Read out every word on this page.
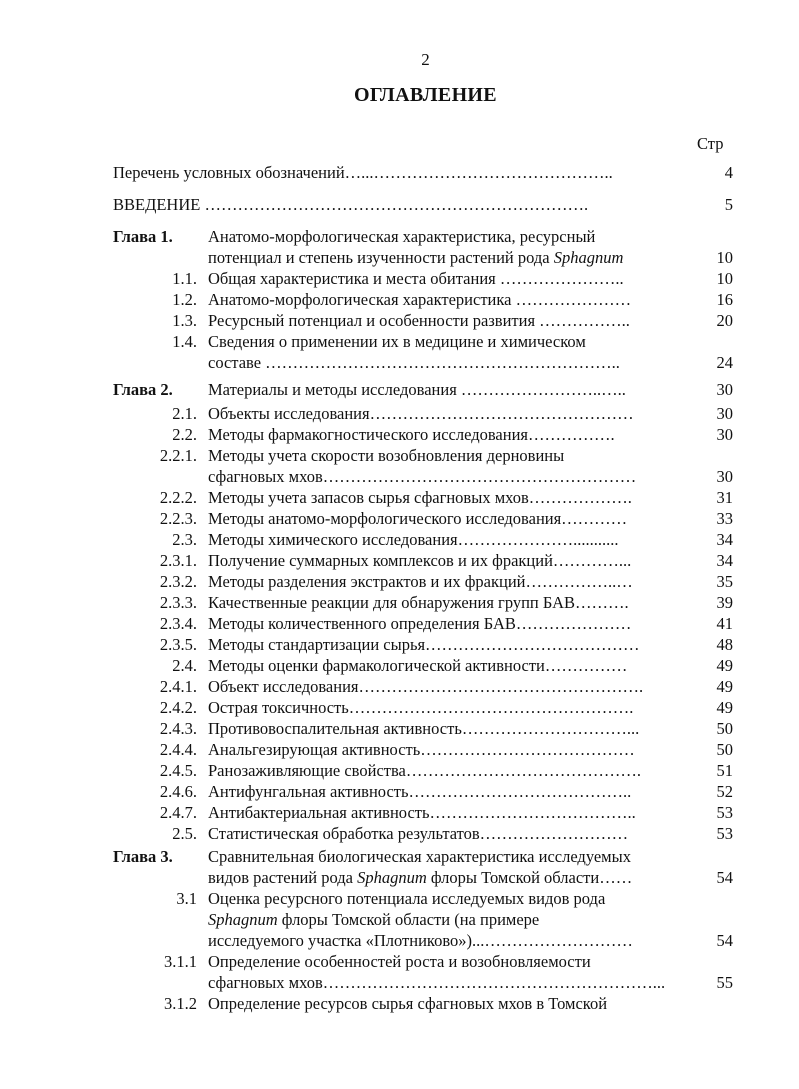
2
ОГЛАВЛЕНИЕ
Стр
Перечень условных обозначений…...……………………………………..	4
ВВЕДЕНИЕ …………………………………………………………….	5
Глава 1.	Анатомо-морфологическая характеристика, ресурсный
потенциал и степень изученности растений рода Sphagnum	10
1.1. Общая характеристика и места обитания …………………..	10
1.2. Анатомо-морфологическая характеристика …………………	16
1.3. Ресурсный потенциал и особенности развития ……………..	20
1.4. Сведения о применении их в медицине и химическом
составе ………………………………………………………..	24
Глава 2.	Материалы и методы исследования ……………………..…..	30
2.1. Объекты исследования…………………………………………	30
2.2. Методы фармакогностического исследования…………….	30
2.2.1. Методы учета скорости возобновления дерновины
сфагновых мхов…………………………………………………	30
2.2.2. Методы учета запасов сырья сфагновых мхов……………….	31
2.2.3. Методы анатомо-морфологического исследования…………	33
2.3. Методы химического исследования…………………...........	34
2.3.1. Получение суммарных комплексов и их фракций…………...	34
2.3.2. Методы разделения экстрактов и их фракций……………..…	35
2.3.3. Качественные реакции для обнаружения групп БАВ……….	39
2.3.4. Методы количественного определения БАВ…………………	41
2.3.5. Методы стандартизации сырья…………………………………	48
2.4. Методы оценки фармакологической активности……………	49
2.4.1. Объект исследования…………………………………………….	49
2.4.2. Острая токсичность…………………………………………….	49
2.4.3. Противовоспалительная активность…………………………...	50
2.4.4. Анальгезирующая активность…………………………………	50
2.4.5. Ранозаживляющие свойства…………………………………….	51
2.4.6. Антифунгальная активность…………………………………..	52
2.4.7. Антибактериальная активность………………………………..	53
2.5. Статистическая обработка результатов………………………	53
Глава 3.	Сравнительная биологическая характеристика исследуемых
видов растений рода Sphagnum флоры Томской области……	54
3.1 Оценка ресурсного потенциала исследуемых видов рода
Sphagnum флоры Томской области (на примере
исследуемого участка «Плотниково»)...………………………	54
3.1.1 Определение особенностей роста и возобновляемости
сфагновых мхов……………………………………………………...	55
3.1.2 Определение ресурсов сырья сфагновых мхов в Томской
